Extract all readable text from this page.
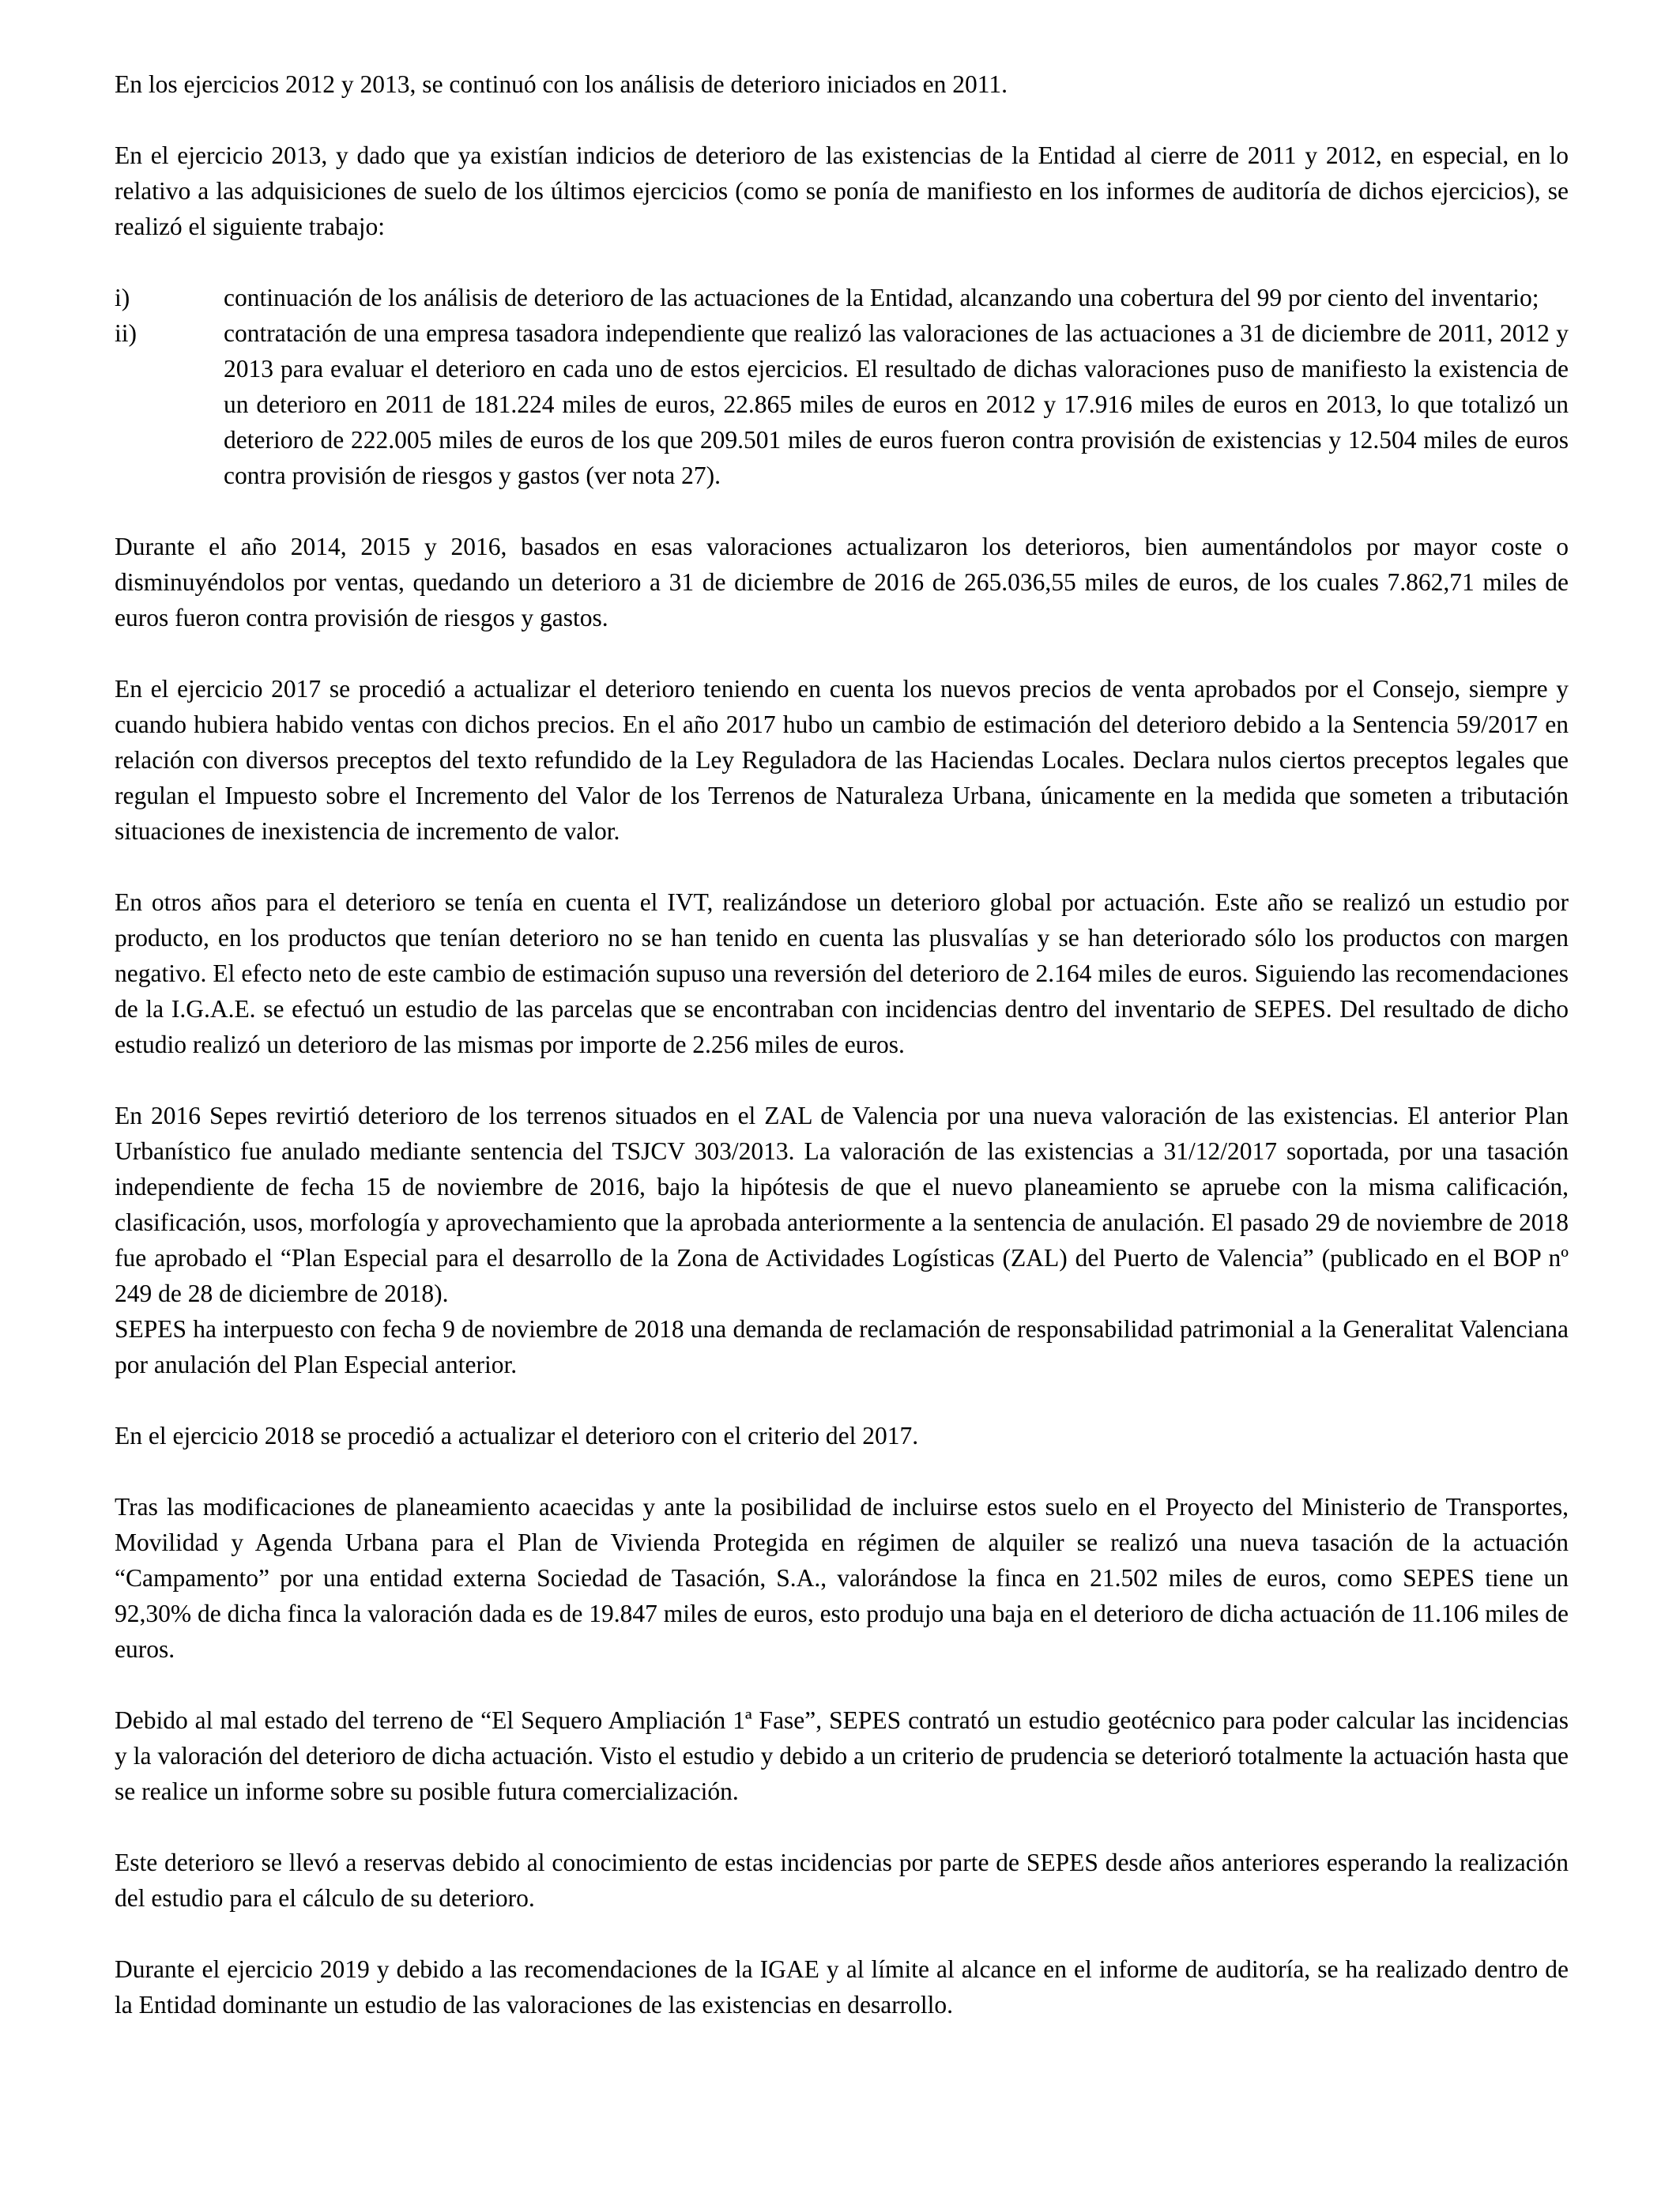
En los ejercicios 2012 y 2013, se continuó con los análisis de deterioro iniciados en 2011.

En el ejercicio 2013, y dado que ya existían indicios de deterioro de las existencias de la Entidad al cierre de 2011 y 2012, en especial, en lo relativo a las adquisiciones de suelo de los últimos ejercicios (como se ponía de manifiesto en los informes de auditoría de dichos ejercicios), se realizó el siguiente trabajo:

i)	continuación de los análisis de deterioro de las actuaciones de la Entidad, alcanzando una cobertura del 99 por ciento del inventario;
ii)	contratación de una empresa tasadora independiente que realizó las valoraciones de las actuaciones a 31 de diciembre de 2011, 2012 y 2013 para evaluar el deterioro en cada uno de estos ejercicios. El resultado de dichas valoraciones puso de manifiesto la existencia de un deterioro en 2011 de 181.224 miles de euros, 22.865 miles de euros en 2012 y 17.916 miles de euros en 2013, lo que totalizó un deterioro de 222.005 miles de euros de los que 209.501 miles de euros fueron contra provisión de existencias y 12.504 miles de euros contra provisión de riesgos y gastos (ver nota 27).

Durante el año 2014, 2015 y 2016, basados en esas valoraciones actualizaron los deterioros, bien aumentándolos por mayor coste o disminuyéndolos por ventas, quedando un deterioro a 31 de diciembre de 2016 de 265.036,55 miles de euros, de los cuales 7.862,71 miles de euros fueron contra provisión de riesgos y gastos.

En el ejercicio 2017 se procedió a actualizar el deterioro teniendo en cuenta los nuevos precios de venta aprobados por el Consejo, siempre y cuando hubiera habido ventas con dichos precios. En el año 2017 hubo un cambio de estimación del deterioro debido a la Sentencia 59/2017 en relación con diversos preceptos del texto refundido de la Ley Reguladora de las Haciendas Locales. Declara nulos ciertos preceptos legales que regulan el Impuesto sobre el Incremento del Valor de los Terrenos de Naturaleza Urbana, únicamente en la medida que someten a tributación situaciones de inexistencia de incremento de valor.

En otros años para el deterioro se tenía en cuenta el IVT, realizándose un deterioro global por actuación. Este año se realizó un estudio por producto, en los productos que tenían deterioro no se han tenido en cuenta las plusvalías y se han deteriorado sólo los productos con margen negativo. El efecto neto de este cambio de estimación supuso una reversión del deterioro de 2.164 miles de euros. Siguiendo las recomendaciones de la I.G.A.E. se efectuó un estudio de las parcelas que se encontraban con incidencias dentro del inventario de SEPES. Del resultado de dicho estudio realizó un deterioro de las mismas por importe de 2.256 miles de euros.

En 2016 Sepes revirtió deterioro de los terrenos situados en el ZAL de Valencia por una nueva valoración de las existencias. El anterior Plan Urbanístico fue anulado mediante sentencia del TSJCV 303/2013. La valoración de las existencias a 31/12/2017 soportada, por una tasación independiente de fecha 15 de noviembre de 2016, bajo la hipótesis de que el nuevo planeamiento se apruebe con la misma calificación, clasificación, usos, morfología y aprovechamiento que la aprobada anteriormente a la sentencia de anulación. El pasado 29 de noviembre de 2018 fue aprobado el “Plan Especial para el desarrollo de la Zona de Actividades Logísticas (ZAL) del Puerto de Valencia” (publicado en el BOP nº 249 de 28 de diciembre de 2018).

SEPES ha interpuesto con fecha 9 de noviembre de 2018 una demanda de reclamación de responsabilidad patrimonial a la Generalitat Valenciana por anulación del Plan Especial anterior.

En el ejercicio 2018 se procedió a actualizar el deterioro con el criterio del 2017.

Tras las modificaciones de planeamiento acaecidas y ante la posibilidad de incluirse estos suelo en el Proyecto del Ministerio de Transportes, Movilidad y Agenda Urbana para el Plan de Vivienda Protegida en régimen de alquiler se realizó una nueva tasación de la actuación “Campamento” por una entidad externa Sociedad de Tasación, S.A., valorándose la finca en 21.502 miles de euros, como SEPES tiene un 92,30% de dicha finca la valoración dada es de 19.847 miles de euros, esto produjo una baja en el deterioro de dicha actuación de 11.106 miles de euros.

Debido al mal estado del terreno de “El Sequero Ampliación 1ª Fase”, SEPES contrató un estudio geotécnico para poder calcular las incidencias y la valoración del deterioro de dicha actuación. Visto el estudio y debido a un criterio de prudencia se deterioró totalmente la actuación hasta que se realice un informe sobre su posible futura comercialización.

Este deterioro se llevó a reservas debido al conocimiento de estas incidencias por parte de SEPES desde años anteriores esperando la realización del estudio para el cálculo de su deterioro.

Durante el ejercicio 2019 y debido a las recomendaciones de la IGAE y al límite al alcance en el informe de auditoría, se ha realizado dentro de la Entidad dominante un estudio de las valoraciones de las existencias en desarrollo.
